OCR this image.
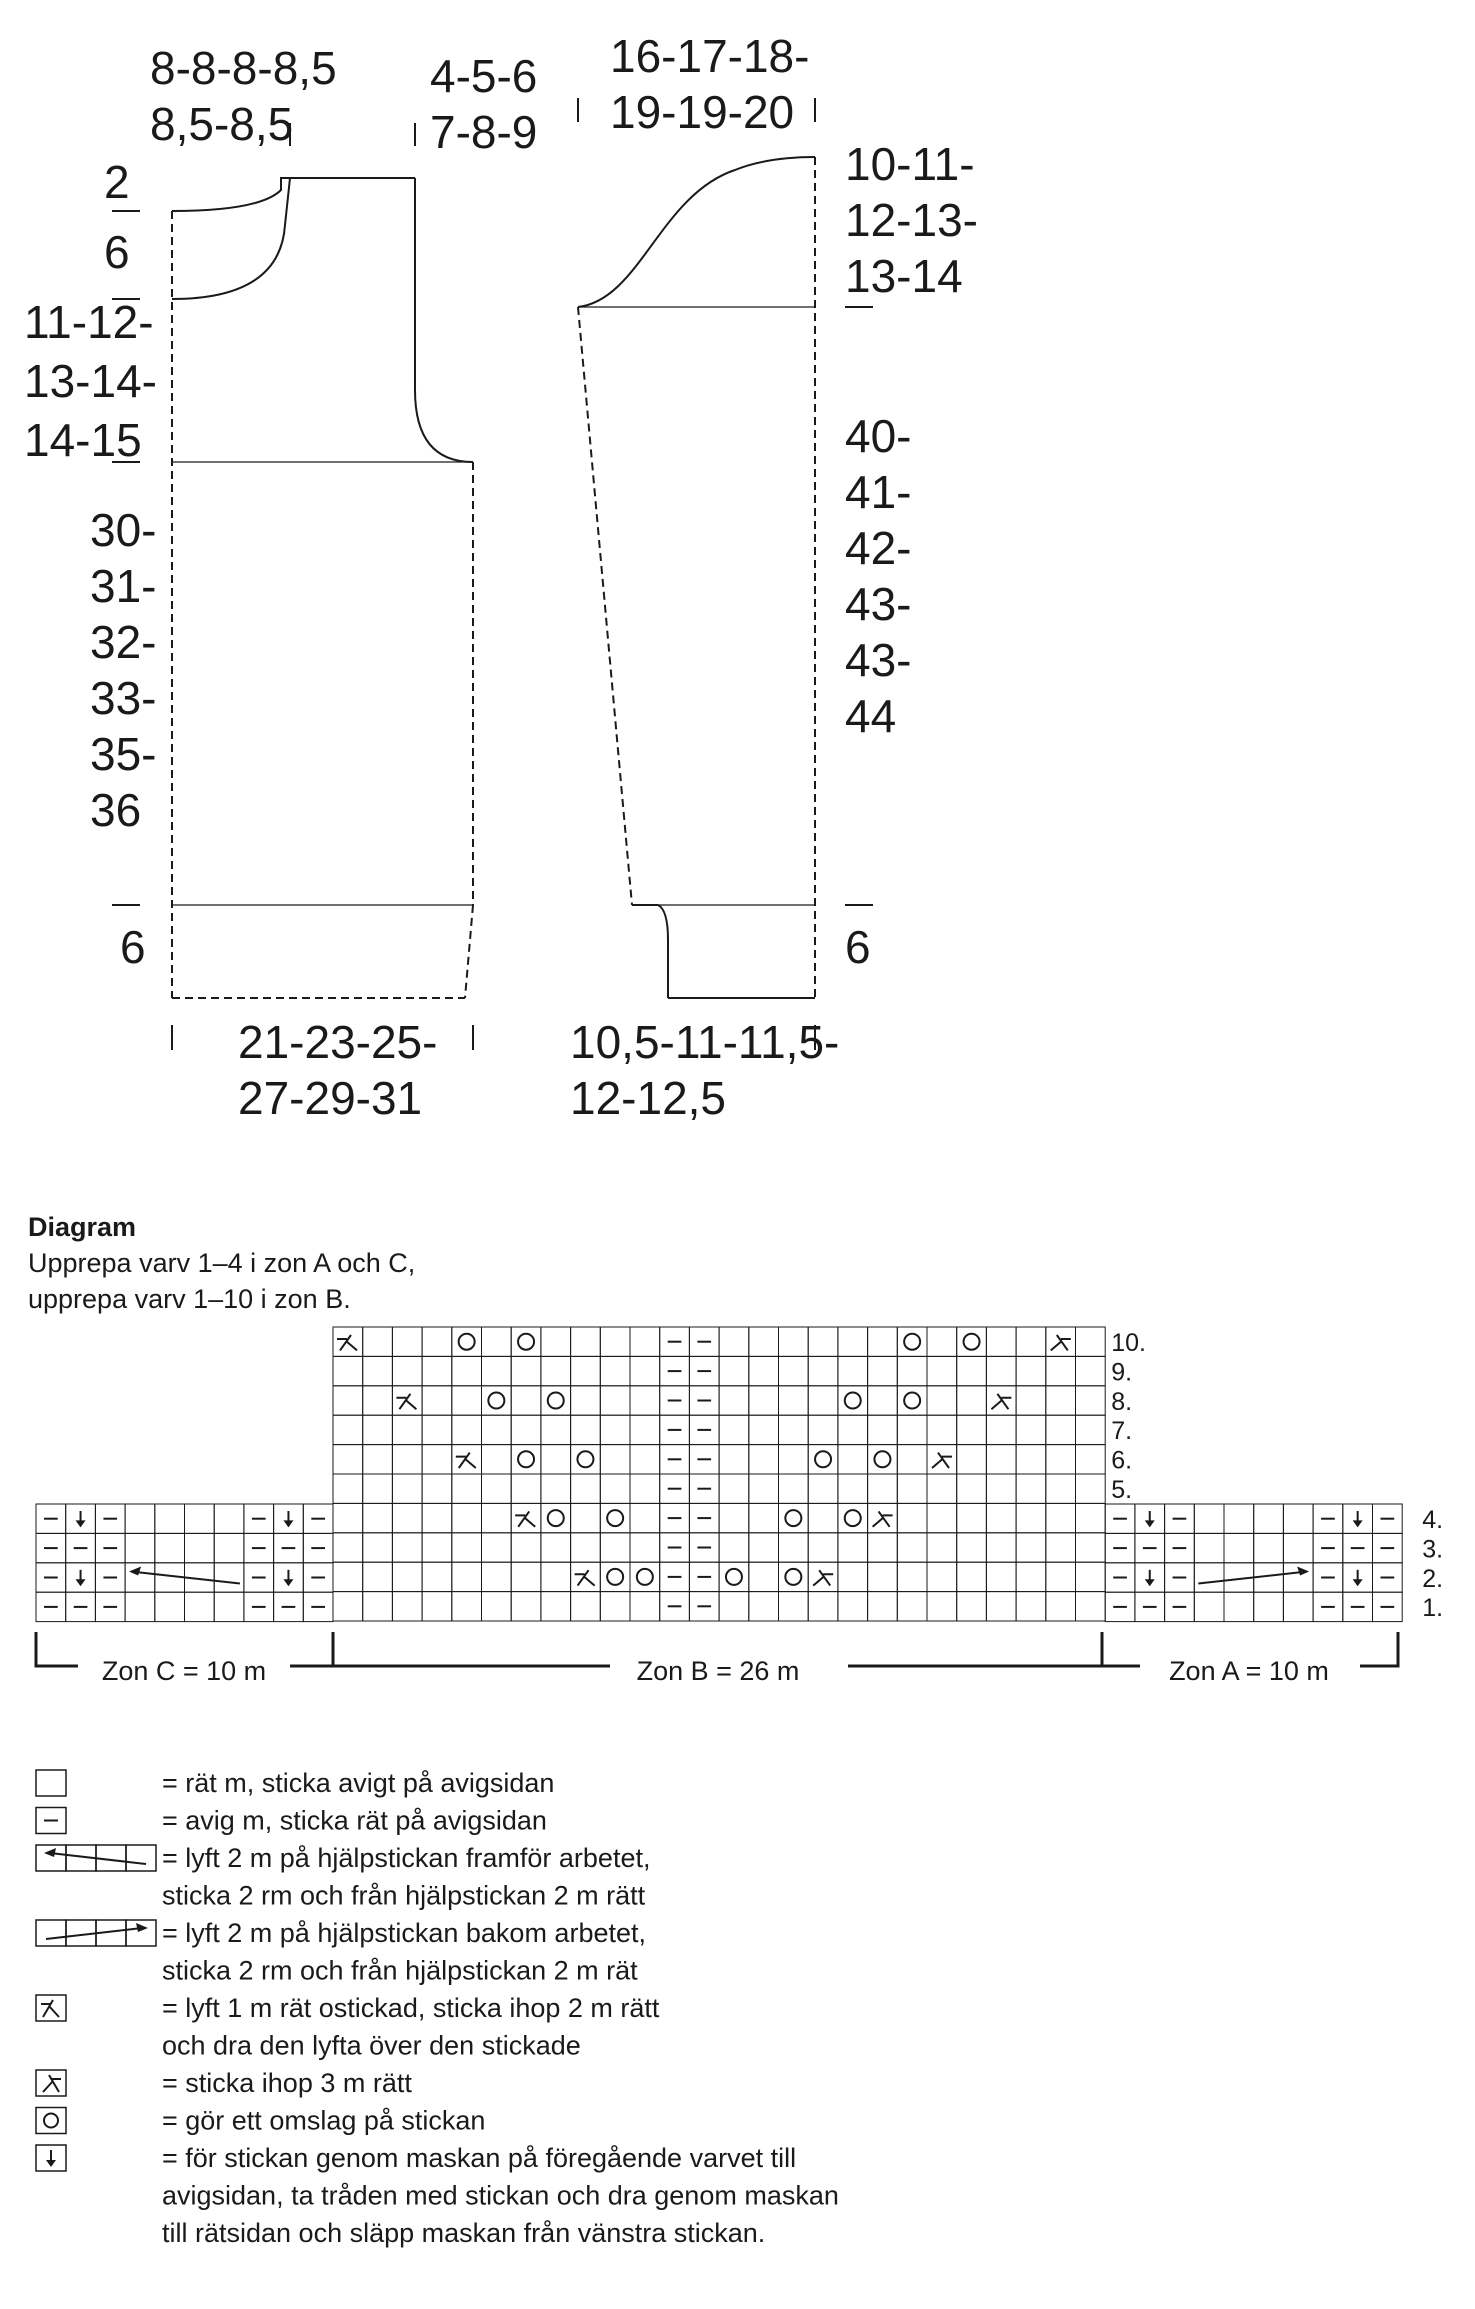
8-8-8-8,5 8,5-8,5
4-5-6 7-8-9
2
6
11-12-13-14-14-15
30-31-32-33-35-36
6
21-23-25-27-29-31
16-17-18-19-19-20
10-11-12-13-13-14
40-41-42-43-43-44
6
10,5-11-11,5-12-12,5
Diagram
Upprepa varv 1–4 i zon A och C,
upprepa varv 1–10 i zon B.
10.
9.
8.
7.
6.
5.
4.
3.
2.
1.
Zon C = 10 m	Zon B = 26 m	Zon A = 10 m
= rät m, sticka avigt på avigsidan
= avig m, sticka rät på avigsidan
= lyft 2 m på hjälpstickan framför arbetet,
sticka 2 rm och från hjälpstickan 2 m rätt
= lyft 2 m på hjälpstickan bakom arbetet,
sticka 2 rm och från hjälpstickan 2 m rät
= lyft 1 m rät ostickad, sticka ihop 2 m rätt
och dra den lyfta över den stickade
= sticka ihop 3 m rätt
= gör ett omslag på stickan
= för stickan genom maskan på föregående varvet till
avigsidan, ta tråden med stickan och dra genom maskan
till rätsidan och släpp maskan från vänstra stickan.
